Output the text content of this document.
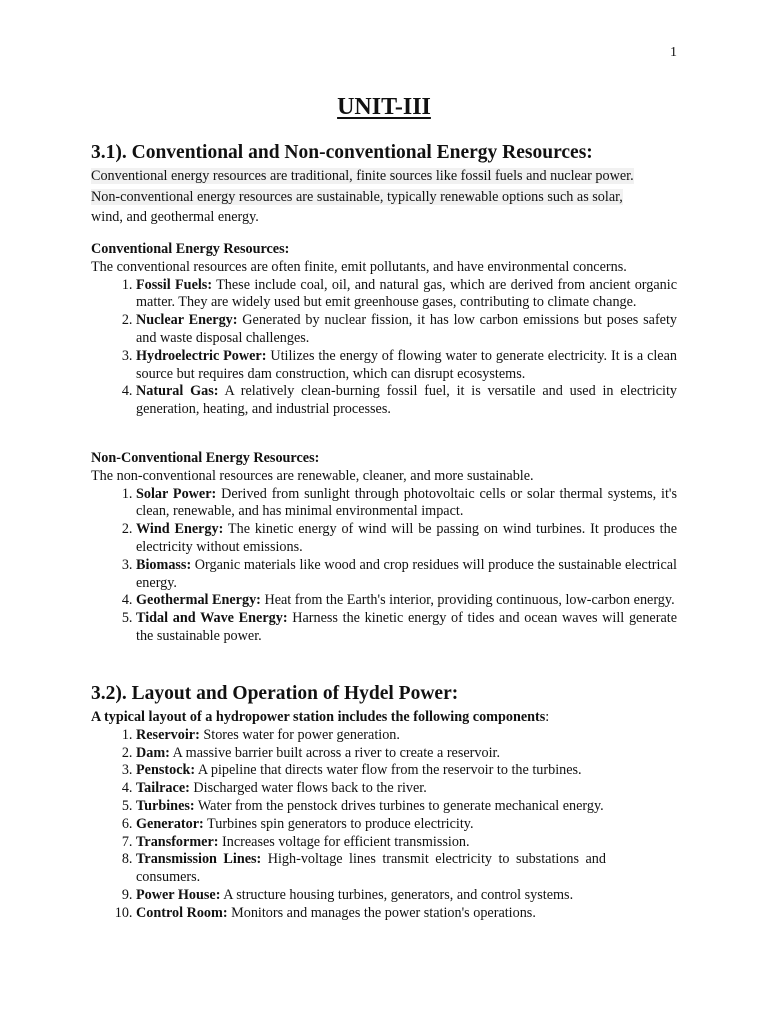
1
UNIT-III
3.1). Conventional and Non-conventional Energy Resources:

Conventional energy resources are traditional, finite sources like fossil fuels and nuclear power.
Non-conventional energy resources are sustainable, typically renewable options such as solar,
wind, and geothermal energy.

Conventional Energy Resources:

The conventional resources are often finite, emit pollutants, and have environmental concerns.

1. Fossil Fuels: These include coal, oil, and natural gas, which are derived from ancient organic matter. They are widely used but emit greenhouse gases, contributing to climate change.
2. Nuclear Energy: Generated by nuclear fission, it has low carbon emissions but poses safety and waste disposal challenges.
3. Hydroelectric Power: Utilizes the energy of flowing water to generate electricity. It is a clean source but requires dam construction, which can disrupt ecosystems.
4. Natural Gas: A relatively clean-burning fossil fuel, it is versatile and used in electricity generation, heating, and industrial processes.
Non-Conventional Energy Resources:

The non-conventional resources are renewable, cleaner, and more sustainable.

1. Solar Power: Derived from sunlight through photovoltaic cells or solar thermal systems, it's clean, renewable, and has minimal environmental impact.
2. Wind Energy: The kinetic energy of wind will be passing on wind turbines. It produces the electricity without emissions.
3. Biomass: Organic materials like wood and crop residues will produce the sustainable electrical energy.
4. Geothermal Energy: Heat from the Earth's interior, providing continuous, low-carbon energy.
5. Tidal and Wave Energy: Harness the kinetic energy of tides and ocean waves will generate the sustainable power.
3.2). Layout and Operation of Hydel Power:

A typical layout of a hydropower station includes the following components:

1. Reservoir: Stores water for power generation.
2. Dam: A massive barrier built across a river to create a reservoir.
3. Penstock: A pipeline that directs water flow from the reservoir to the turbines.
4. Tailrace: Discharged water flows back to the river.
5. Turbines: Water from the penstock drives turbines to generate mechanical energy.
6. Generator: Turbines spin generators to produce electricity.
7. Transformer: Increases voltage for efficient transmission.
8. Transmission Lines: High-voltage lines transmit electricity to substations and consumers.
9. Power House: A structure housing turbines, generators, and control systems.
10. Control Room: Monitors and manages the power station's operations.
